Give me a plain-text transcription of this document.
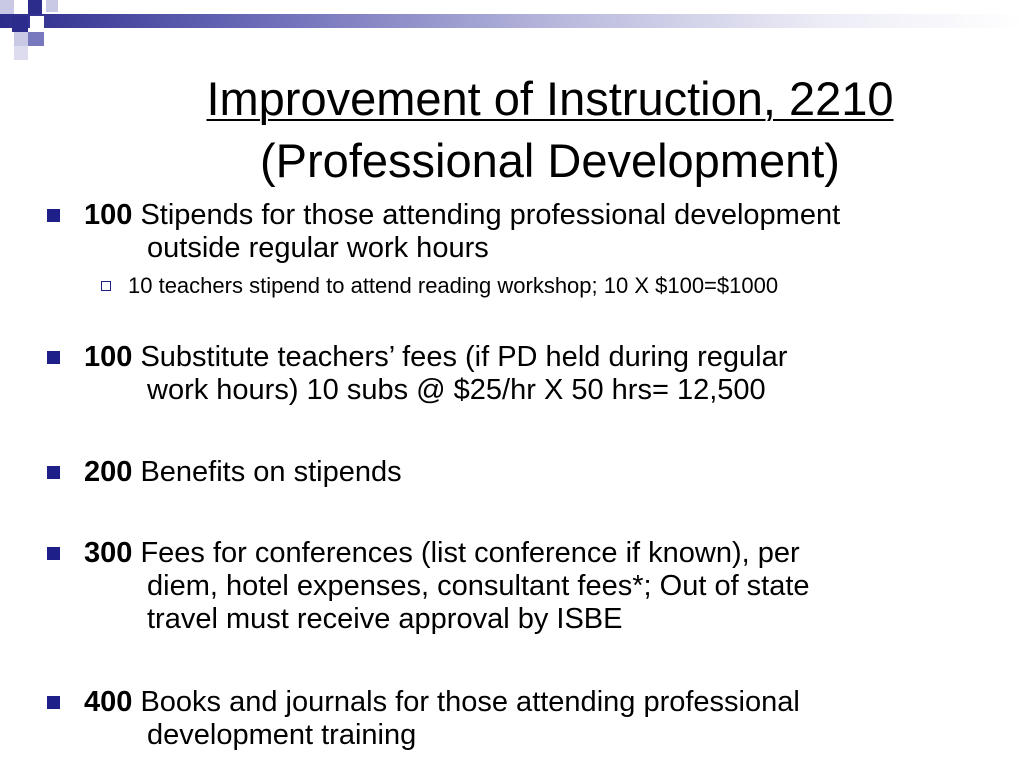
Improvement of Instruction, 2210
(Professional Development)
100 Stipends for those attending professional development
outside regular work hours
10 teachers stipend to attend reading workshop; 10 X $100=$1000
100 Substitute teachers’ fees (if PD held during regular
work hours) 10 subs @ $25/hr X 50 hrs= 12,500
200 Benefits on stipends
300 Fees for conferences (list conference if known), per
diem, hotel expenses, consultant fees*; Out of state
travel must receive approval by ISBE
400 Books and journals for those attending professional
development training
